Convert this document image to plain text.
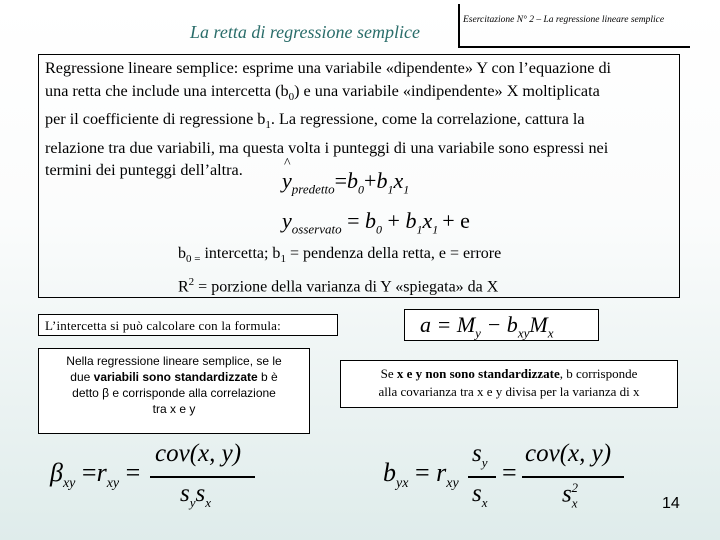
La retta di regressione semplice
Esercitazione N° 2 – La regressione lineare semplice
Regressione lineare semplice: esprime una variabile «dipendente» Y con l’equazione di
una retta che include una intercetta $(b_0)$ e una variabile «indipendente» X moltiplicata
per il coefficiente di regressione $b_1$. La regressione, come la correlazione, cattura la
relazione tra due variabili, ma questa volta i punteggi di una variabile sono espressi nei
termini dei punteggi dell’altra.	y
^
$_{predetto}=b_0+b_1x_1$
$y_{osservato} = b_0 + b_1x_1 + e$
$b_{0 =}$ intercetta; $b_1$ = pendenza della retta, e = errore
$R^2$ = porzione della varianza di Y «spiegata» da X
L’intercetta si può calcolare con la formula:	$a = M_y - b_{xy}M_x$
Nella regressione lineare semplice, se le
due variabili sono standardizzate b è
detto β e corrisponde alla correlazione
tra x e y
Se x e y non sono standardizzate, b corrisponde
alla covarianza tra x e y divisa per la varianza di x
$\beta_{xy} =r_{xy}$ =
cov(x, y)
$s_ys_x$
$b_{yx} = r_{xy}$
$s_y$
$s_x$
=
cov(x, y)
$s_x^2$
14
